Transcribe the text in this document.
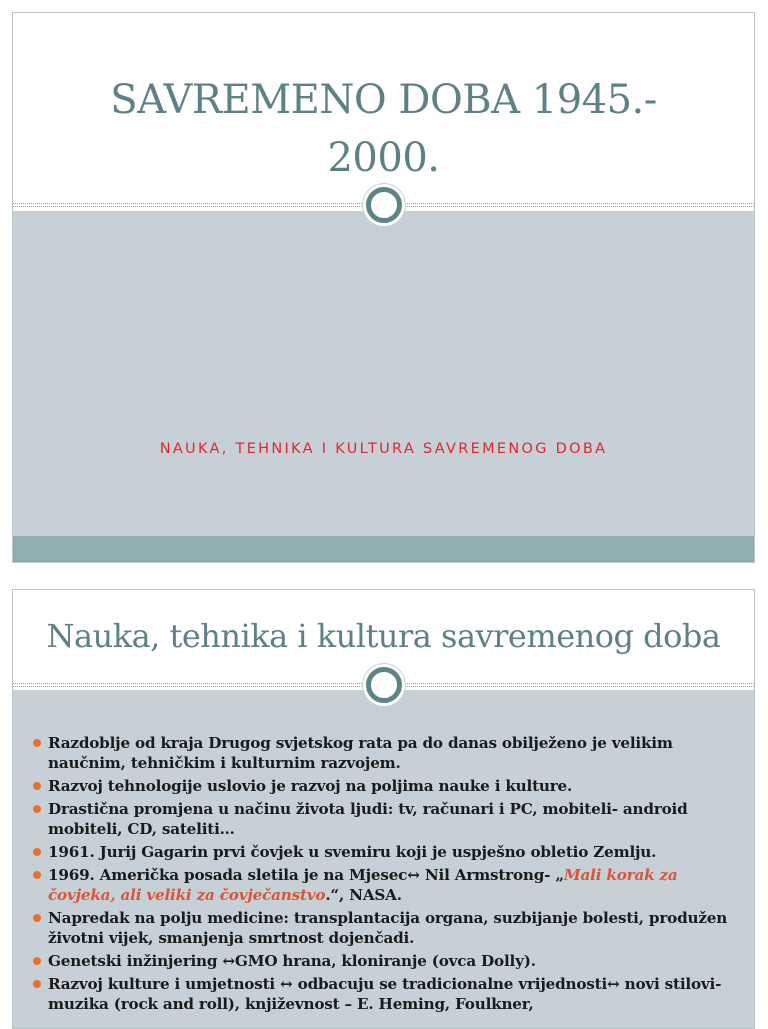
SAVREMENO DOBA 1945.- 2000.
NAUKA, TEHNIKA I KULTURA SAVREMENOG DOBA
Nauka, tehnika i kultura savremenog doba
Razdoblje od kraja Drugog svjetskog rata pa do danas obilježeno je velikim naučnim, tehničkim i kulturnim razvojem.
Razvoj tehnologije uslovio je razvoj na poljima nauke i kulture.
Drastična promjena u načinu života ljudi: tv, računari i PC, mobiteli- android mobiteli, CD, sateliti…
1961. Jurij Gagarin prvi čovjek u svemiru koji je uspješno obletio Zemlju.
1969. Američka posada sletila je na Mjesec↔ Nil Armstrong- „Mali korak za čovjeka, ali veliki za čovječanstvo.“, NASA.
Napredak na polju medicine: transplantacija organa, suzbijanje bolesti, produžen životni vijek, smanjenja smrtnost dojenčadi.
Genetski inžinjering ↔GMO hrana, kloniranje (ovca Dolly).
Razvoj kulture i umjetnosti ↔ odbacuju se tradicionalne vrijednosti↔ novi stilovi-muzika (rock and roll), književnost – E. Heming, Foulkner,
